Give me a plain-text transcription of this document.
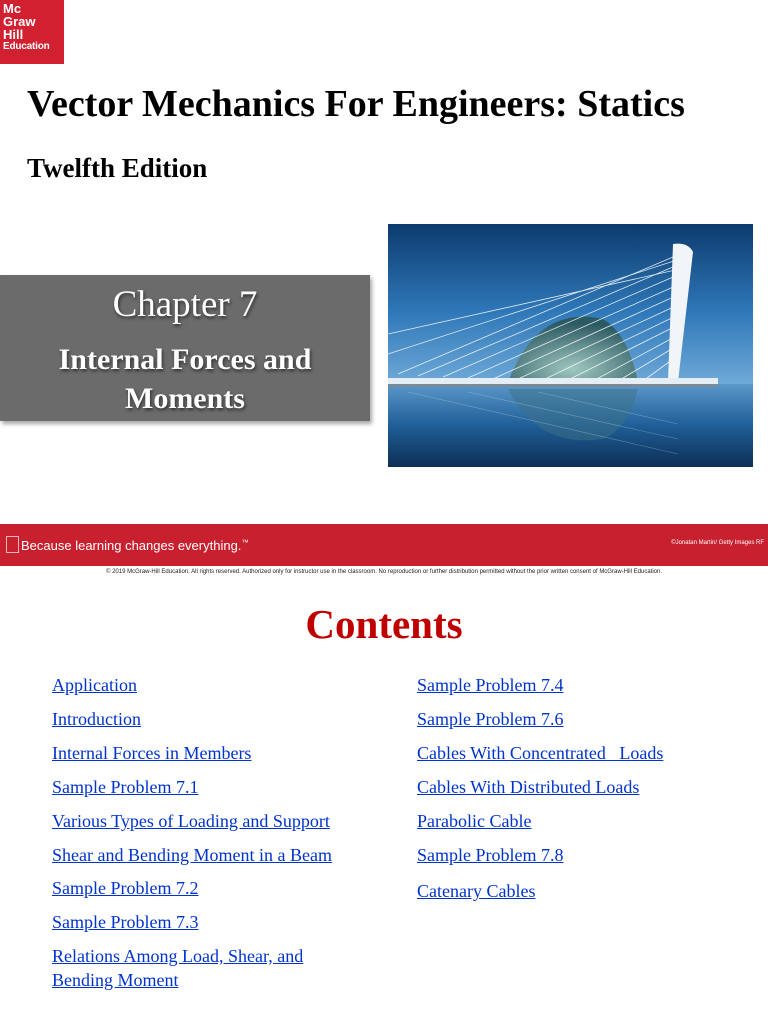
Mc
Graw
Hill
Education
Vector Mechanics For Engineers: Statics
Twelfth Edition
Chapter 7
Internal Forces and
Moments
Because learning changes everything.™	©Jonatan Martin/ Getty Images RF
© 2019 McGraw-Hill Education. All rights reserved. Authorized only for instructor use in the classroom. No reproduction or further distribution permitted without the prior written consent of McGraw-Hill Education.
Contents
Application
Introduction
Internal Forces in Members
Sample Problem 7.1
Various Types of Loading and Support
Shear and Bending Moment in a Beam
Sample Problem 7.2
Sample Problem 7.3
Relations Among Load, Shear, and Bending Moment
Sample Problem 7.4
Sample Problem 7.6
Cables With Concentrated   Loads
Cables With Distributed Loads
Parabolic Cable
Sample Problem 7.8
Catenary Cables
